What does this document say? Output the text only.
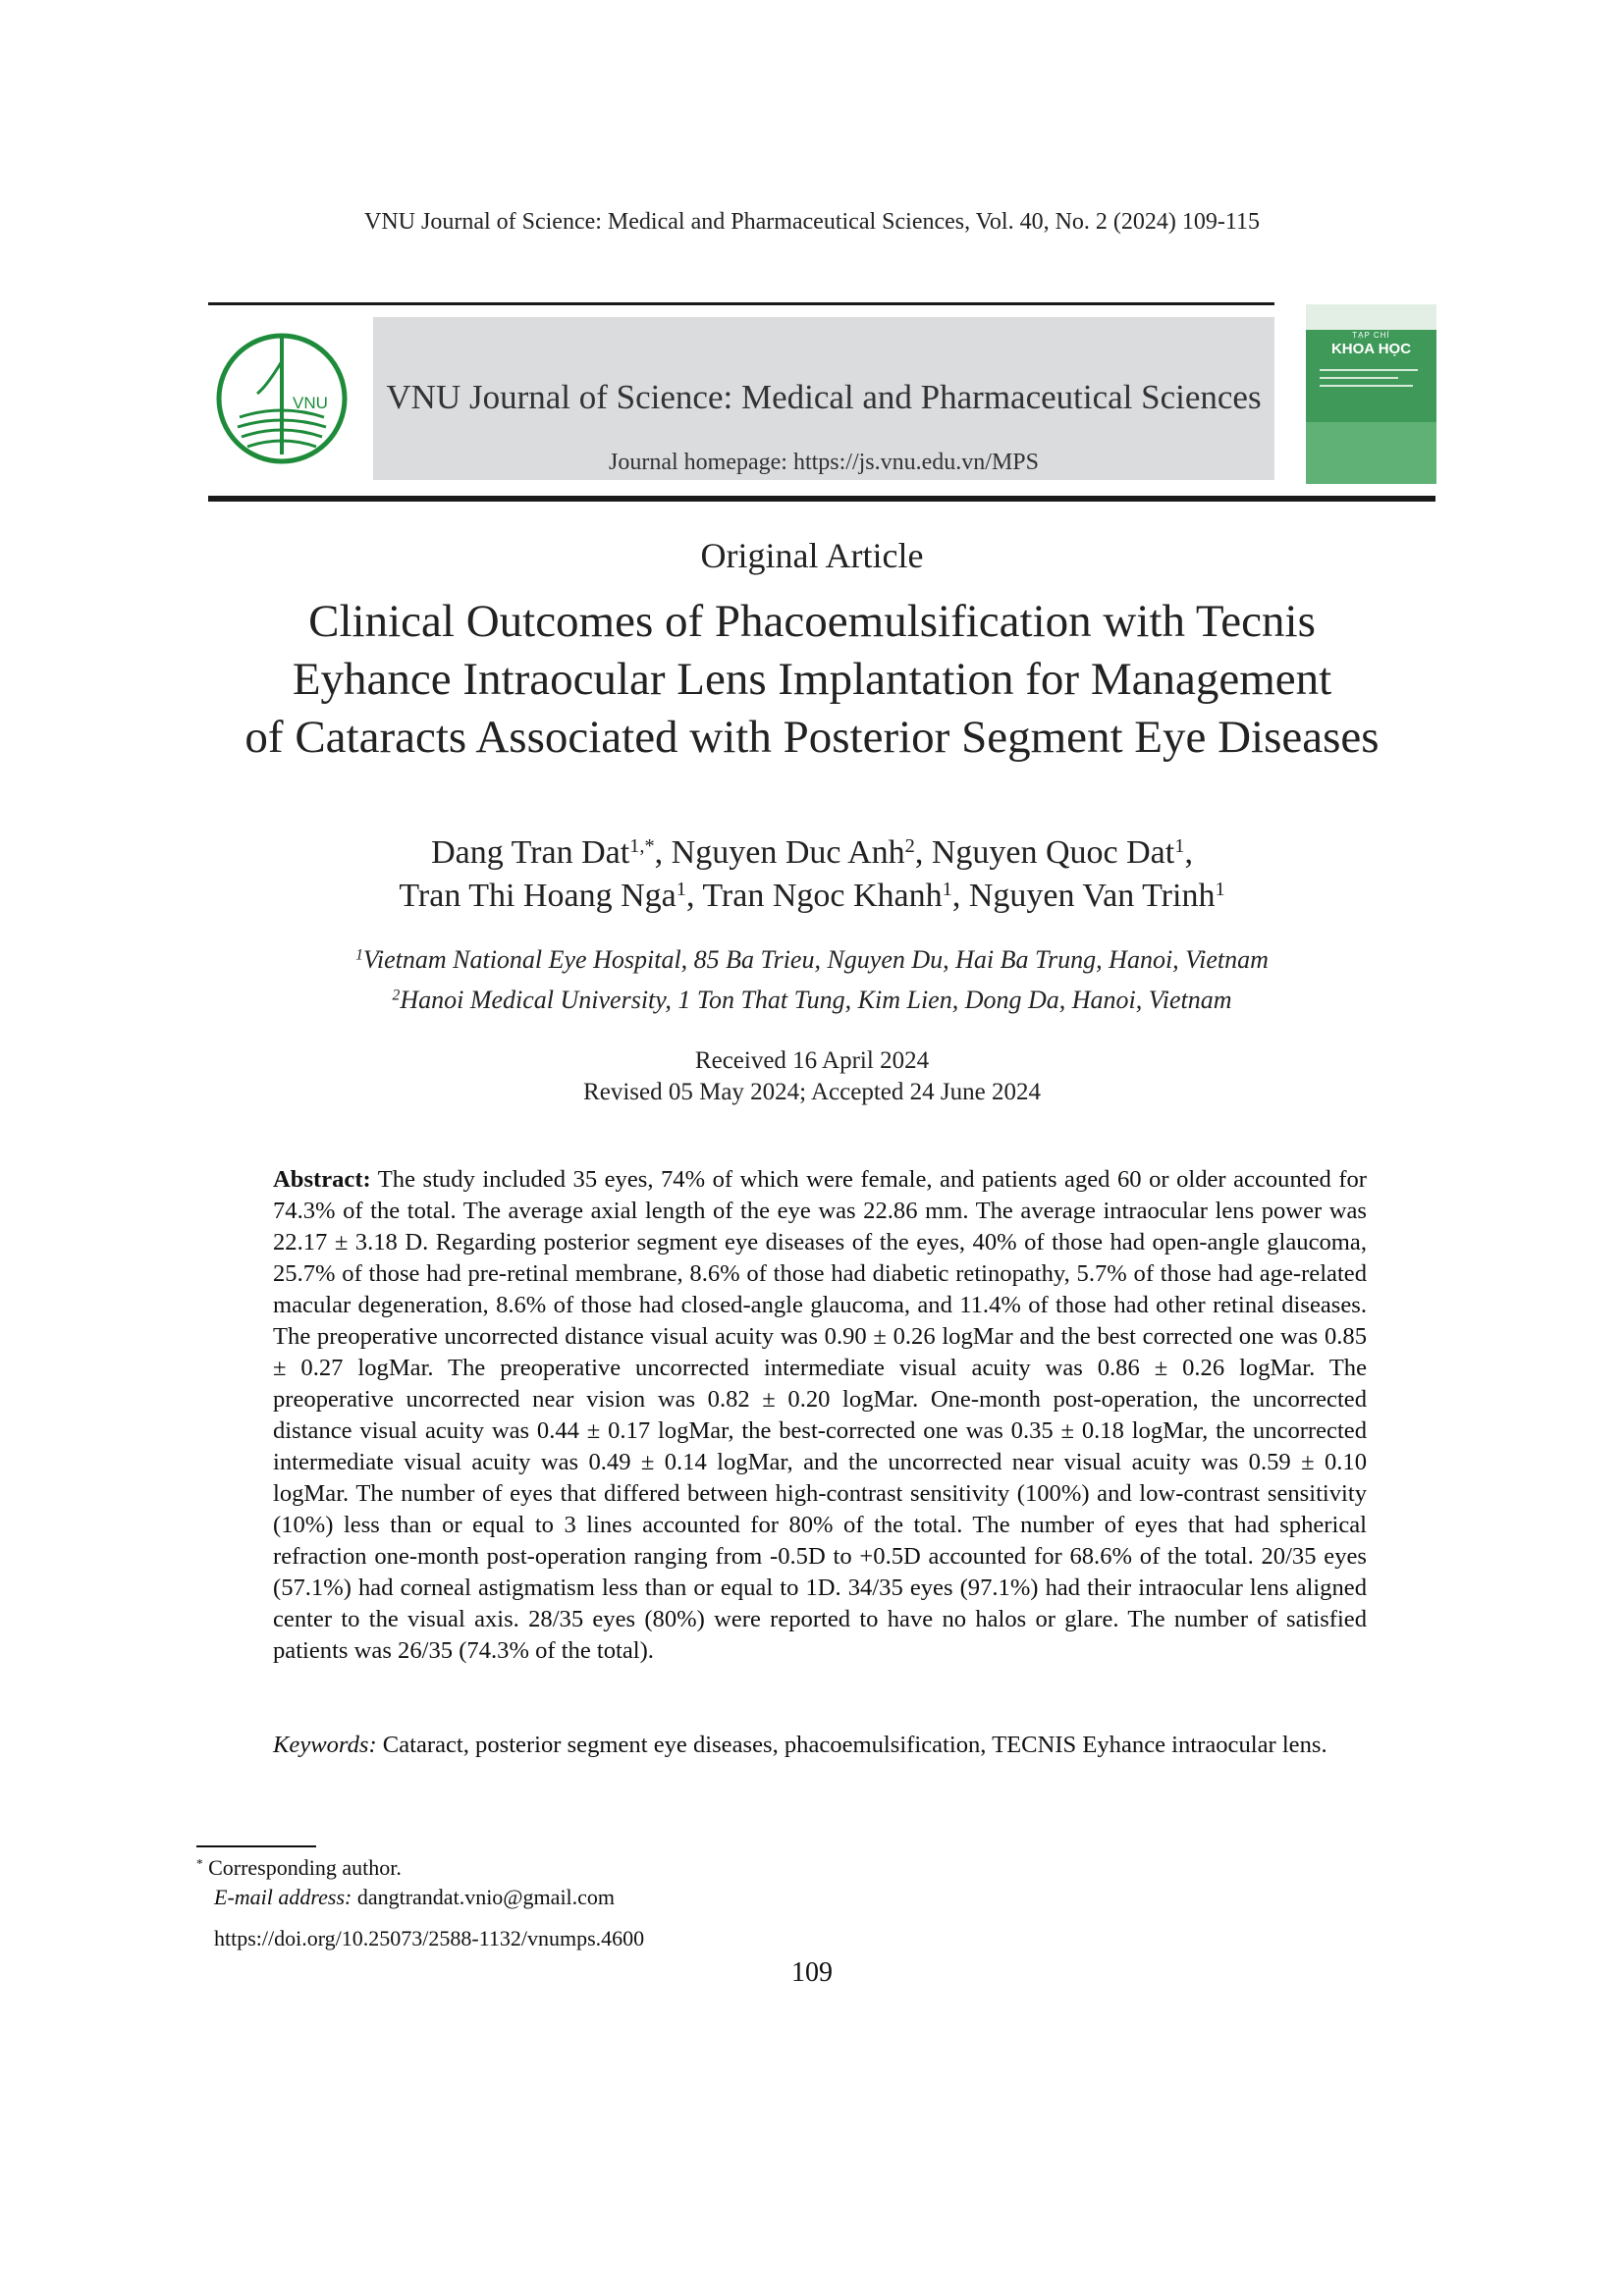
VNU Journal of Science: Medical and Pharmaceutical Sciences, Vol. 40, No. 2 (2024) 109-115
VNU	VNU Journal of Science: Medical and Pharmaceutical Sciences
Journal homepage: https://js.vnu.edu.vn/MPS
TẠP CHÍ
KHOA HỌC
Original Article
Clinical Outcomes of Phacoemulsification with Tecnis
Eyhance Intraocular Lens Implantation for Management
of Cataracts Associated with Posterior Segment Eye Diseases
Dang Tran Dat$^{1,*}$, Nguyen Duc Anh$^2$, Nguyen Quoc Dat$^1$,
Tran Thi Hoang Nga$^1$, Tran Ngoc Khanh$^1$, Nguyen Van Trinh$^1$
$^1$Vietnam National Eye Hospital, 85 Ba Trieu, Nguyen Du, Hai Ba Trung, Hanoi, Vietnam
$^2$Hanoi Medical University, 1 Ton That Tung, Kim Lien, Dong Da, Hanoi, Vietnam
Received 16 April 2024
Revised 05 May 2024; Accepted 24 June 2024
Abstract: The study included 35 eyes, 74% of which were female, and patients aged 60 or older accounted for 74.3% of the total. The average axial length of the eye was 22.86 mm. The average intraocular lens power was 22.17 ± 3.18 D. Regarding posterior segment eye diseases of the eyes, 40% of those had open-angle glaucoma, 25.7% of those had pre-retinal membrane, 8.6% of those had diabetic retinopathy, 5.7% of those had age-related macular degeneration, 8.6% of those had closed-angle glaucoma, and 11.4% of those had other retinal diseases. The preoperative uncorrected distance visual acuity was 0.90 ± 0.26 logMar and the best corrected one was 0.85 ± 0.27 logMar. The preoperative uncorrected intermediate visual acuity was 0.86 ± 0.26 logMar. The preoperative uncorrected near vision was 0.82 ± 0.20 logMar. One-month post-operation, the uncorrected distance visual acuity was 0.44 ± 0.17 logMar, the best-corrected one was 0.35 ± 0.18 logMar, the uncorrected intermediate visual acuity was 0.49 ± 0.14 logMar, and the uncorrected near visual acuity was 0.59 ± 0.10 logMar. The number of eyes that differed between high-contrast sensitivity (100%) and low-contrast sensitivity (10%) less than or equal to 3 lines accounted for 80% of the total. The number of eyes that had spherical refraction one-month post-operation ranging from -0.5D to +0.5D accounted for 68.6% of the total. 20/35 eyes (57.1%) had corneal astigmatism less than or equal to 1D. 34/35 eyes (97.1%) had their intraocular lens aligned center to the visual axis. 28/35 eyes (80%) were reported to have no halos or glare. The number of satisfied patients was 26/35 (74.3% of the total).
Keywords: Cataract, posterior segment eye diseases, phacoemulsification, TECNIS Eyhance intraocular lens.
* Corresponding author.
E-mail address: dangtrandat.vnio@gmail.com
https://doi.org/10.25073/2588-1132/vnumps.4600
109
